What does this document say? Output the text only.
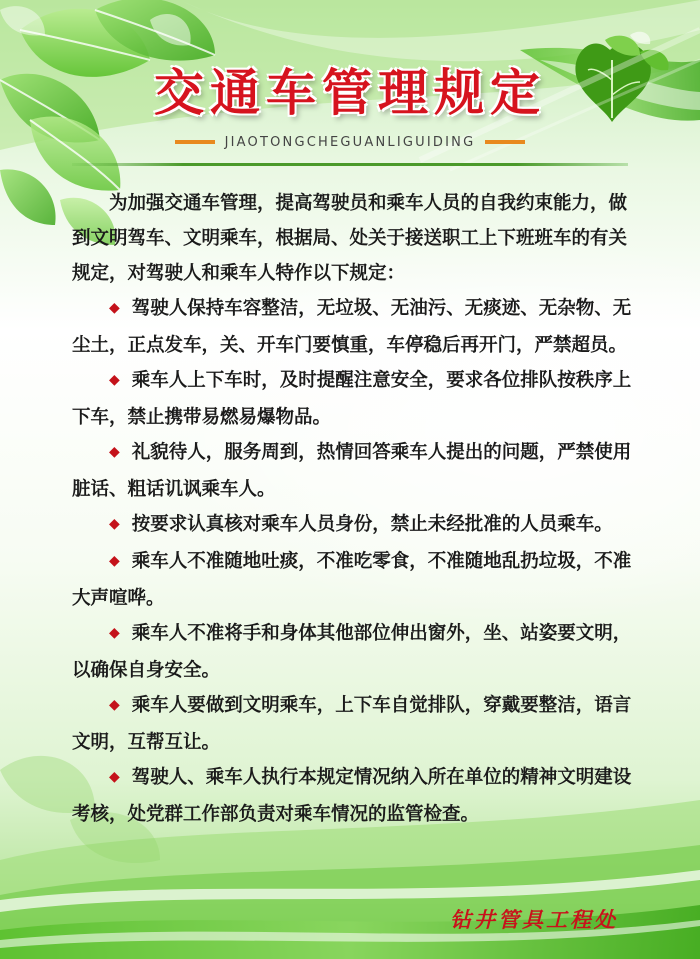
交通车管理规定
JIAOTONGCHEGUANLIGUIDING

为加强交通车管理，提高驾驶员和乘车人员的自我约束能力，做到文明驾车、文明乘车，根据局、处关于接送职工上下班班车的有关规定，对驾驶人和乘车人特作以下规定：

◆ 驾驶人保持车容整洁，无垃圾、无油污、无痰迹、无杂物、无尘土，正点发车，关、开车门要慎重，车停稳后再开门，严禁超员。

◆ 乘车人上下车时，及时提醒注意安全，要求各位排队按秩序上下车，禁止携带易燃易爆物品。

◆ 礼貌待人，服务周到，热情回答乘车人提出的问题，严禁使用脏话、粗话讥讽乘车人。

◆ 按要求认真核对乘车人员身份，禁止未经批准的人员乘车。

◆ 乘车人不准随地吐痰，不准吃零食，不准随地乱扔垃圾，不准大声喧哗。

◆ 乘车人不准将手和身体其他部位伸出窗外，坐、站姿要文明，以确保自身安全。

◆ 乘车人要做到文明乘车，上下车自觉排队，穿戴要整洁，语言文明，互帮互让。

◆ 驾驶人、乘车人执行本规定情况纳入所在单位的精神文明建设考核，处党群工作部负责对乘车情况的监管检查。

钻井管具工程处
